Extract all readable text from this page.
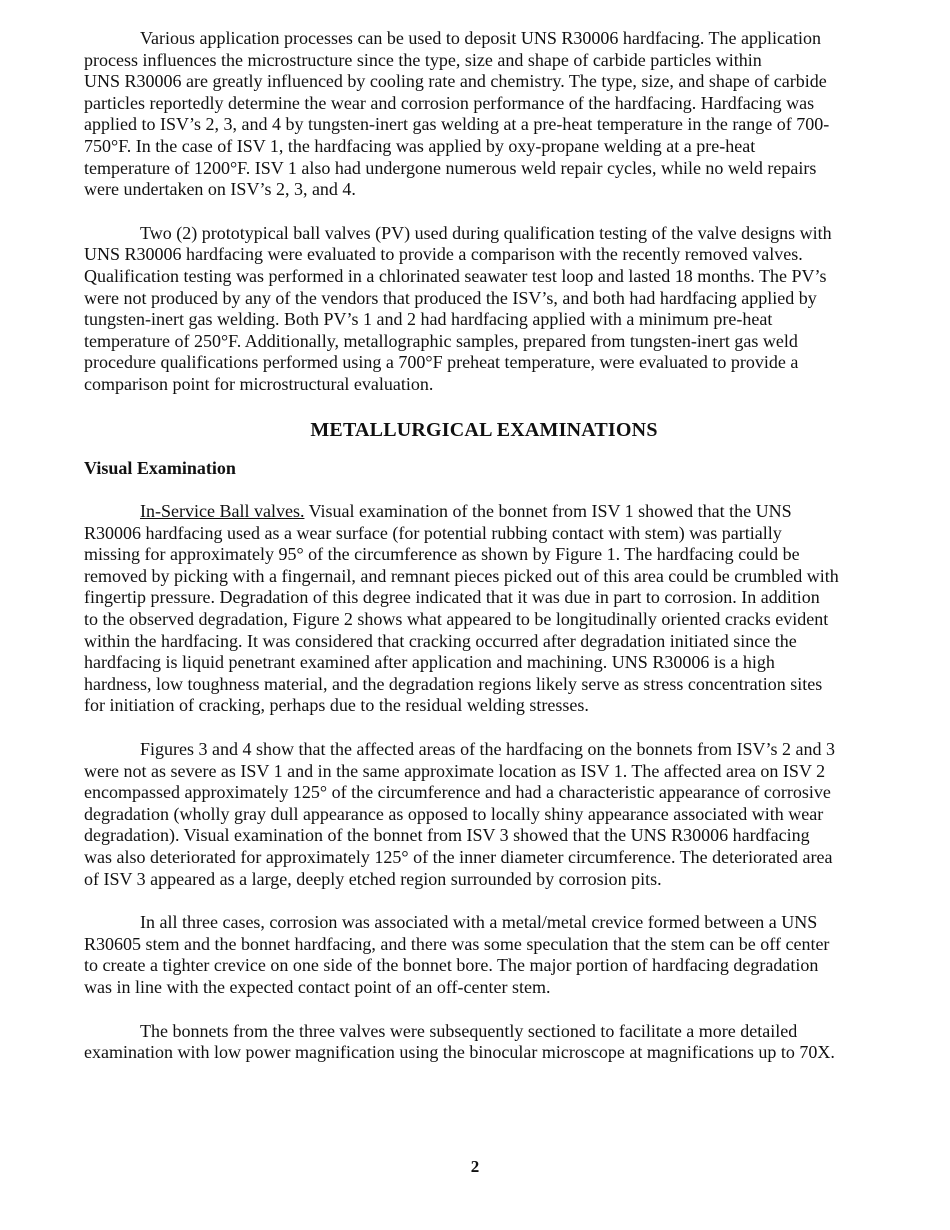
Various application processes can be used to deposit UNS R30006 hardfacing. The application
process influences the microstructure since the type, size and shape of carbide particles within
UNS R30006 are greatly influenced by cooling rate and chemistry. The type, size, and shape of carbide
particles reportedly determine the wear and corrosion performance of the hardfacing. Hardfacing was
applied to ISV’s 2, 3, and 4 by tungsten-inert gas welding at a pre-heat temperature in the range of 700-
750°F. In the case of ISV 1, the hardfacing was applied by oxy-propane welding at a pre-heat
temperature of 1200°F. ISV 1 also had undergone numerous weld repair cycles, while no weld repairs
were undertaken on ISV’s 2, 3, and 4.

Two (2) prototypical ball valves (PV) used during qualification testing of the valve designs with
UNS R30006 hardfacing were evaluated to provide a comparison with the recently removed valves.
Qualification testing was performed in a chlorinated seawater test loop and lasted 18 months. The PV’s
were not produced by any of the vendors that produced the ISV’s, and both had hardfacing applied by
tungsten-inert gas welding. Both PV’s 1 and 2 had hardfacing applied with a minimum pre-heat
temperature of 250°F. Additionally, metallographic samples, prepared from tungsten-inert gas weld
procedure qualifications performed using a 700°F preheat temperature, were evaluated to provide a
comparison point for microstructural evaluation.

METALLURGICAL EXAMINATIONS
Visual Examination

In-Service Ball valves. Visual examination of the bonnet from ISV 1 showed that the UNS
R30006 hardfacing used as a wear surface (for potential rubbing contact with stem) was partially
missing for approximately 95° of the circumference as shown by Figure 1. The hardfacing could be
removed by picking with a fingernail, and remnant pieces picked out of this area could be crumbled with
fingertip pressure. Degradation of this degree indicated that it was due in part to corrosion. In addition
to the observed degradation, Figure 2 shows what appeared to be longitudinally oriented cracks evident
within the hardfacing. It was considered that cracking occurred after degradation initiated since the
hardfacing is liquid penetrant examined after application and machining. UNS R30006 is a high
hardness, low toughness material, and the degradation regions likely serve as stress concentration sites
for initiation of cracking, perhaps due to the residual welding stresses.

Figures 3 and 4 show that the affected areas of the hardfacing on the bonnets from ISV’s 2 and 3
were not as severe as ISV 1 and in the same approximate location as ISV 1. The affected area on ISV 2
encompassed approximately 125° of the circumference and had a characteristic appearance of corrosive
degradation (wholly gray dull appearance as opposed to locally shiny appearance associated with wear
degradation). Visual examination of the bonnet from ISV 3 showed that the UNS R30006 hardfacing
was also deteriorated for approximately 125° of the inner diameter circumference. The deteriorated area
of ISV 3 appeared as a large, deeply etched region surrounded by corrosion pits.

In all three cases, corrosion was associated with a metal/metal crevice formed between a UNS
R30605 stem and the bonnet hardfacing, and there was some speculation that the stem can be off center
to create a tighter crevice on one side of the bonnet bore. The major portion of hardfacing degradation
was in line with the expected contact point of an off-center stem.

The bonnets from the three valves were subsequently sectioned to facilitate a more detailed
examination with low power magnification using the binocular microscope at magnifications up to 70X.

2
